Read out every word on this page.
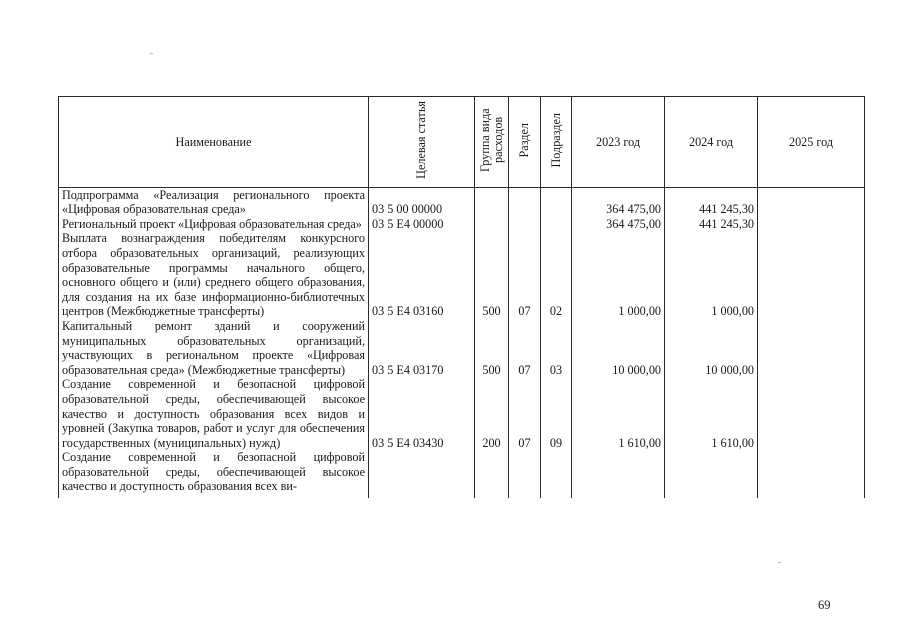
Наименование	Целевая статья	Группа вида расходов	Раздел	Подраздел	2023 год	2024 год	2025 год
Подпрограмма «Реализация регионального проекта «Цифровая образовательная среда»	03 5 00 00000				364 475,00	441 245,30	
Региональный проект «Цифровая образовательная среда»	03 5 E4 00000				364 475,00	441 245,30	
Выплата вознаграждения победителям конкурсного отбора образовательных организаций, реализующих образовательные программы начального общего, основного общего и (или) среднего общего образования, для создания на их базе информационно-библиотечных центров (Межбюджетные трансферты)	03 5 E4 03160	500	07	02	1 000,00	1 000,00	
Капитальный ремонт зданий и сооружений муниципальных образовательных организаций, участвующих в региональном проекте «Цифровая образовательная среда» (Межбюджетные трансферты)	03 5 E4 03170	500	07	03	10 000,00	10 000,00	
Создание современной и безопасной цифровой образовательной среды, обеспечивающей высокое качество и доступность образования всех видов и уровней (Закупка товаров, работ и услуг для обеспечения государственных (муниципальных) нужд)	03 5 E4 03430	200	07	09	1 610,00	1 610,00	
Создание современной и безопасной цифровой образовательной среды, обеспечивающей высокое качество и доступность образования всех ви-							
69
